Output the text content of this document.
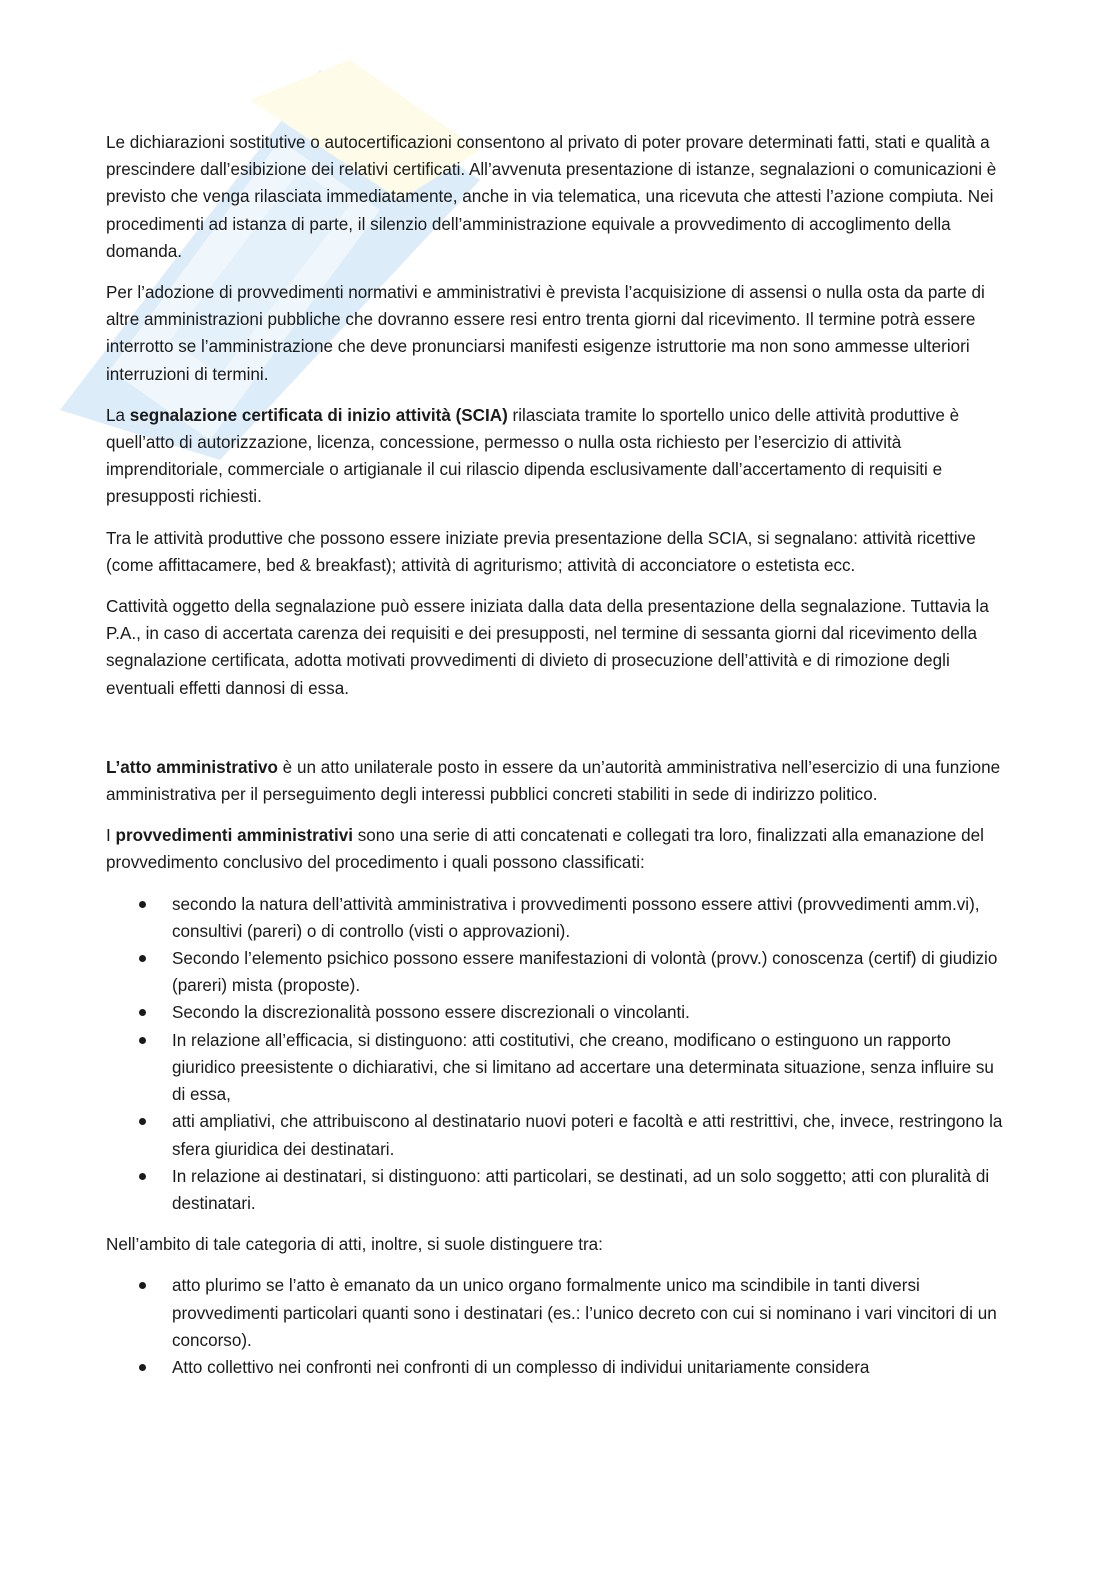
Le dichiarazioni sostitutive o autocertificazioni consentono al privato di poter provare determinati fatti, stati e qualità a prescindere dall’esibizione dei relativi certificati. All’avvenuta presentazione di istanze, segnalazioni o comunicazioni è previsto che venga rilasciata immediatamente, anche in via telematica, una ricevuta che attesti l’azione compiuta. Nei procedimenti ad istanza di parte, il silenzio dell’amministrazione equivale a provvedimento di accoglimento della domanda.

Per l’adozione di provvedimenti normativi e amministrativi è prevista l’acquisizione di assensi o nulla osta da parte di altre amministrazioni pubbliche che dovranno essere resi entro trenta giorni dal ricevimento. Il termine potrà essere interrotto se l’amministrazione che deve pronunciarsi manifesti esigenze istruttorie ma non sono ammesse ulteriori interruzioni di termini.

La segnalazione certificata di inizio attività (SCIA) rilasciata tramite lo sportello unico delle attività produttive è quell’atto di autorizzazione, licenza, concessione, permesso o nulla osta richiesto per l’esercizio di attività imprenditoriale, commerciale o artigianale il cui rilascio dipenda esclusivamente dall’accertamento di requisiti e presupposti richiesti.

Tra le attività produttive che possono essere iniziate previa presentazione della SCIA, si segnalano: attività ricettive (come affittacamere, bed & breakfast); attività di agriturismo; attività di acconciatore o estetista ecc.

Cattività oggetto della segnalazione può essere iniziata dalla data della presentazione della segnalazione. Tuttavia la P.A., in caso di accertata carenza dei requisiti e dei presupposti, nel termine di sessanta giorni dal ricevimento della segnalazione certificata, adotta motivati provvedimenti di divieto di prosecuzione dell’attività e di rimozione degli eventuali effetti dannosi di essa.

L’atto amministrativo è un atto unilaterale posto in essere da un’autorità amministrativa nell’esercizio di una funzione amministrativa per il perseguimento degli interessi pubblici concreti stabiliti in sede di indirizzo politico.

I provvedimenti amministrativi sono una serie di atti concatenati e collegati tra loro, finalizzati alla emanazione del provvedimento conclusivo del procedimento i quali possono classificati:

secondo la natura dell’attività amministrativa i provvedimenti possono essere attivi (provvedimenti amm.vi), consultivi (pareri) o di controllo (visti o approvazioni).
Secondo l’elemento psichico possono essere manifestazioni di volontà (provv.) conoscenza (certif) di giudizio (pareri) mista (proposte).
Secondo la discrezionalità possono essere discrezionali o vincolanti.
In relazione all’efficacia, si distinguono: atti costitutivi, che creano, modificano o estinguono un rapporto giuridico preesistente o dichiarativi, che si limitano ad accertare una determinata situazione, senza influire su di essa,
atti ampliativi, che attribuiscono al destinatario nuovi poteri e facoltà e atti restrittivi, che, invece, restringono la sfera giuridica dei destinatari.
In relazione ai destinatari, si distinguono: atti particolari, se destinati, ad un solo soggetto; atti con pluralità di destinatari.

Nell’ambito di tale categoria di atti, inoltre, si suole distinguere tra:

atto plurimo se l’atto è emanato da un unico organo formalmente unico ma scindibile in tanti diversi provvedimenti particolari quanti sono i destinatari (es.: l’unico decreto con cui si nominano i vari vincitori di un concorso).
Atto collettivo nei confronti nei confronti di un complesso di individui unitariamente considera
